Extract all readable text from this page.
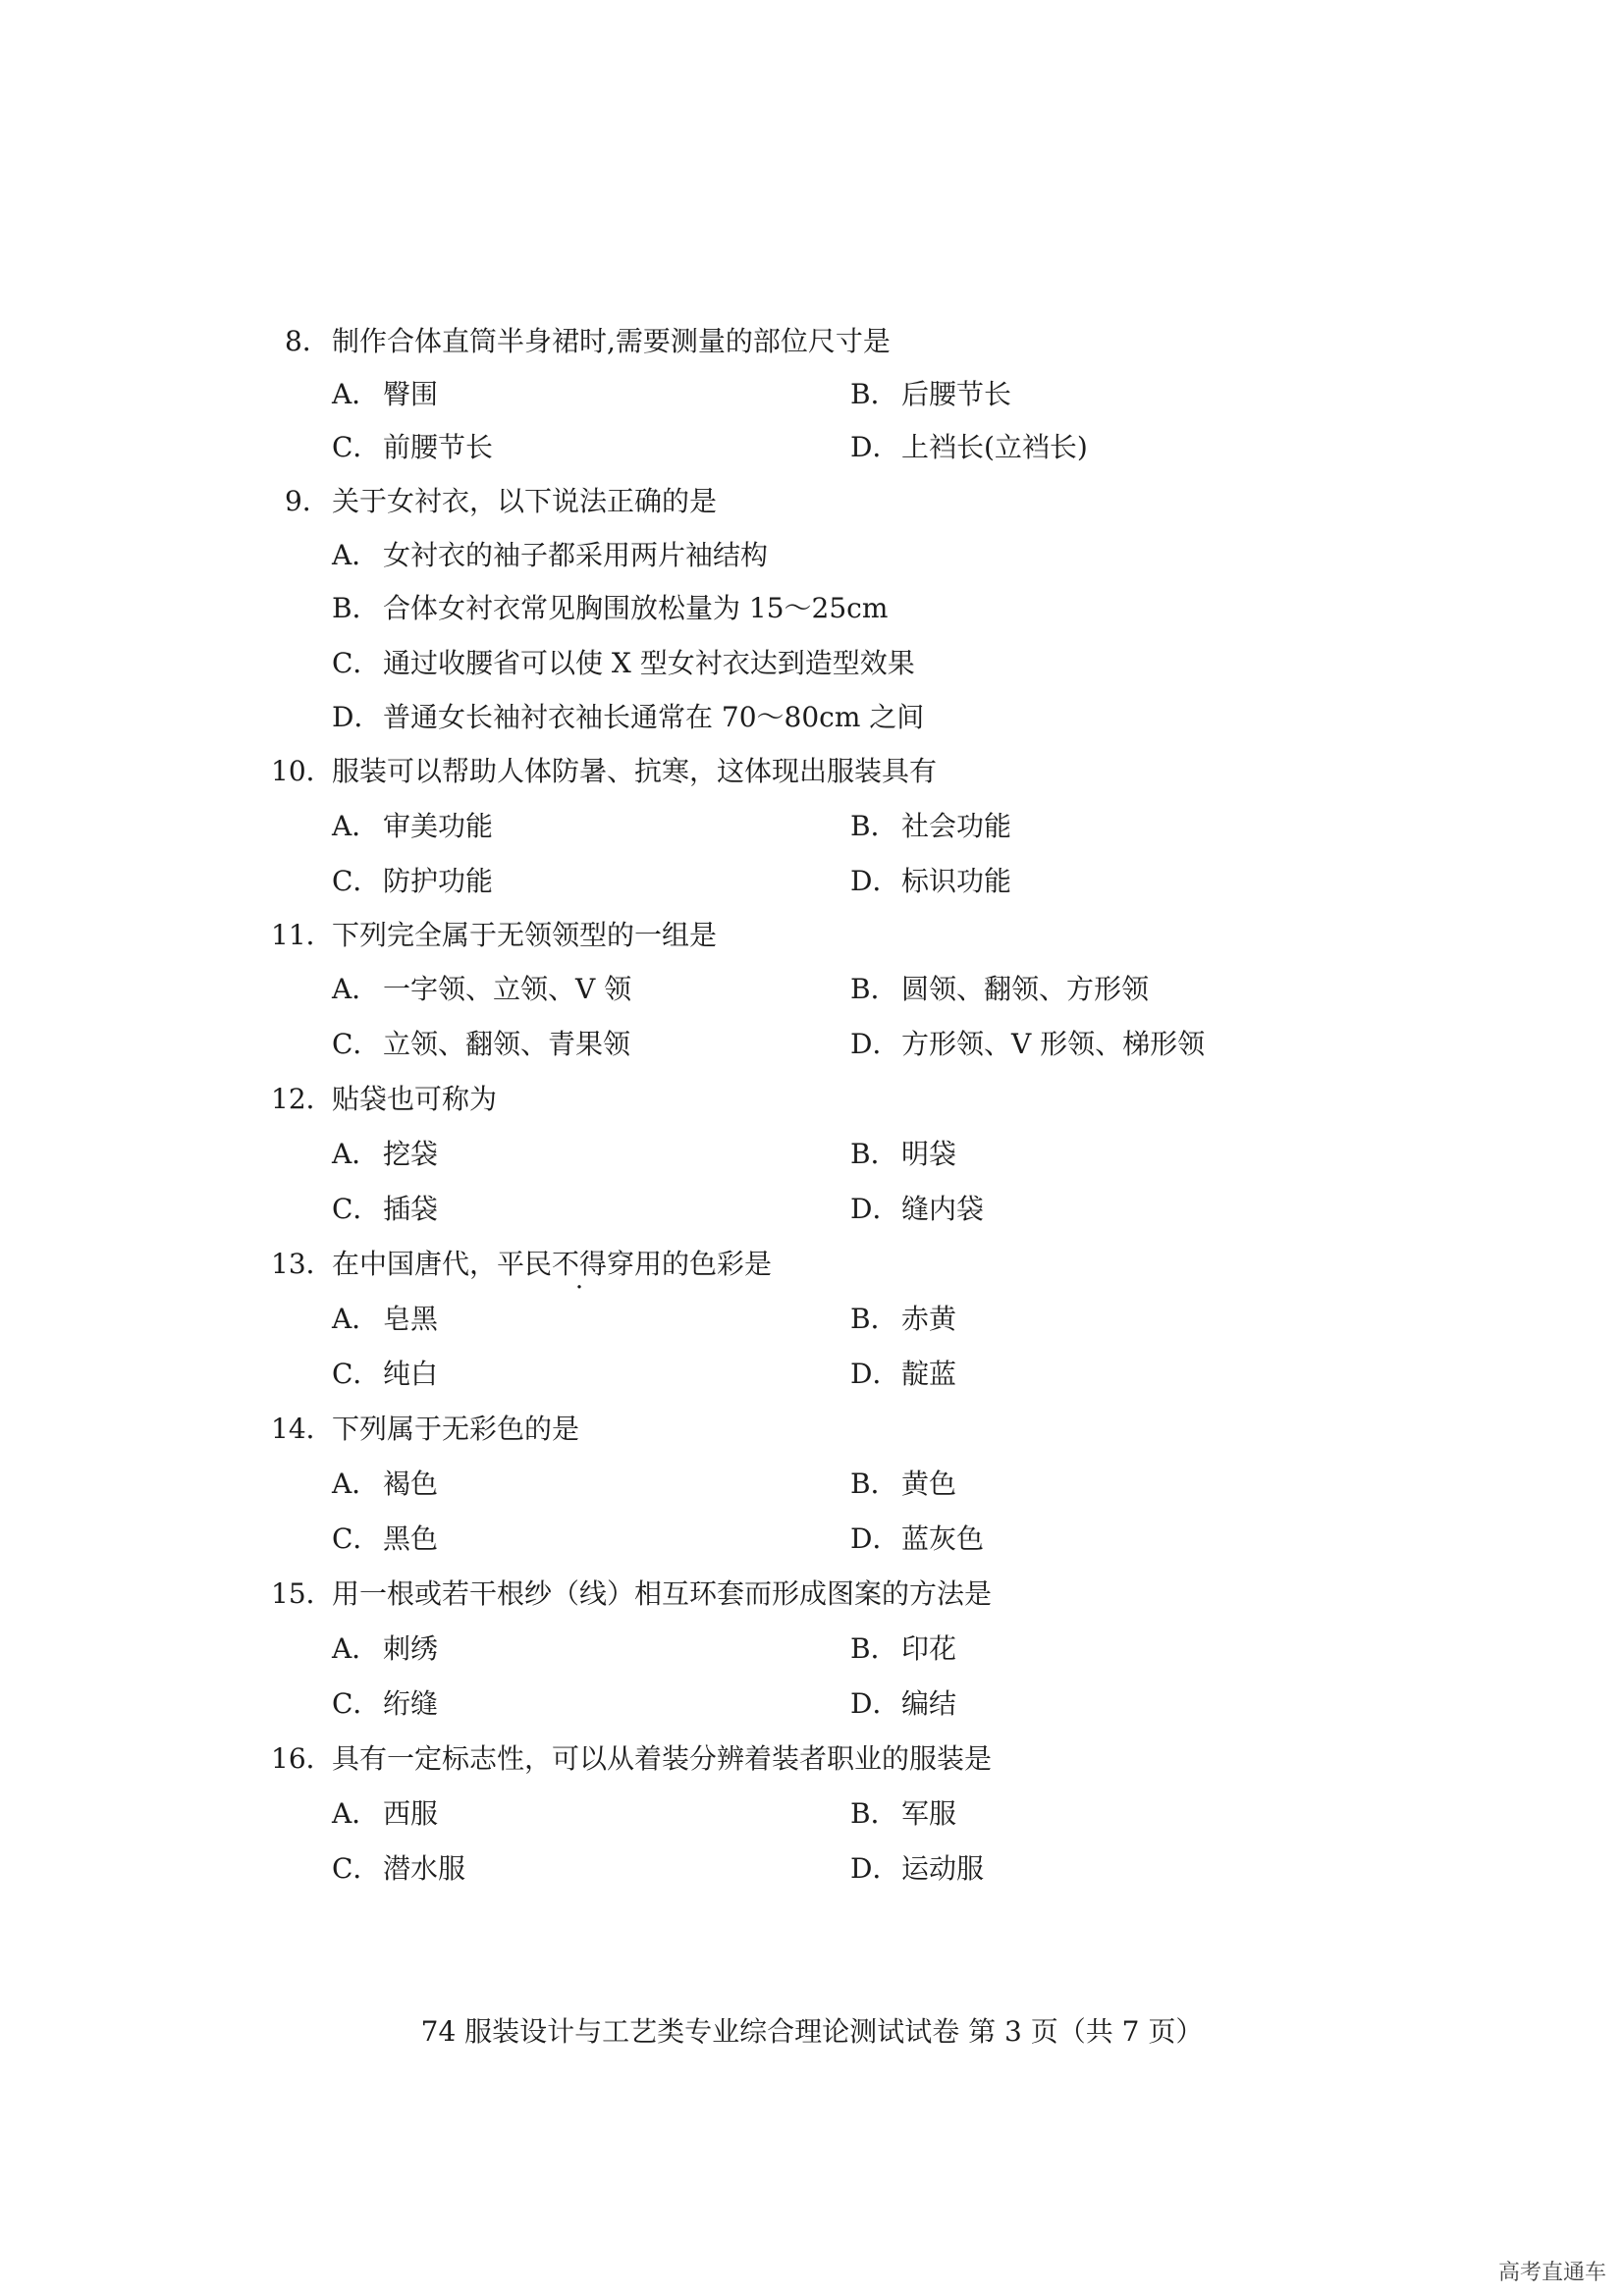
8． 制作合体直筒半身裙时,需要测量的部位尺寸是
A． 臀围	B． 后腰节长
C．前腰节长	D．上裆长(立裆长)
9． 关于女衬衣，以下说法正确的是
A． 女衬衣的袖子都采用两片袖结构
B． 合体女衬衣常见胸围放松量为 15～25cm
C．通过收腰省可以使 X 型女衬衣达到造型效果
D．普通女长袖衬衣袖长通常在 70～80cm 之间
10．
服装可以帮助人体防暑、抗寒，这体现出服装具有
A． 审美功能	B． 社会功能
C．防护功能	D．标识功能
11．
下列完全属于无领领型的一组是
A． 一字领、立领、V 领	B． 圆领、翻领、方形领
C．立领、翻领、青果领	D．方形领、V 形领、梯形领
12．
贴袋也可称为
A． 挖袋	B． 明袋
C．插袋	D．缝内袋
13．
在中国唐代，平民不得穿用的色彩是
A． 皂黑	B． 赤黄
C．纯白	D．靛蓝
14．
下列属于无彩色的是
A． 褐色	B． 黄色
C．黑色	D．蓝灰色
15．
用一根或若干根纱（线）相互环套而形成图案的方法是
A． 刺绣	B． 印花
C．绗缝	D．编结
16．
具有一定标志性，可以从着装分辨着装者职业的服装是
A． 西服	B． 军服
C．潜水服	D．运动服
74 服装设计与工艺类专业综合理论测试试卷 第 3 页（共 7 页）
高考直通车
